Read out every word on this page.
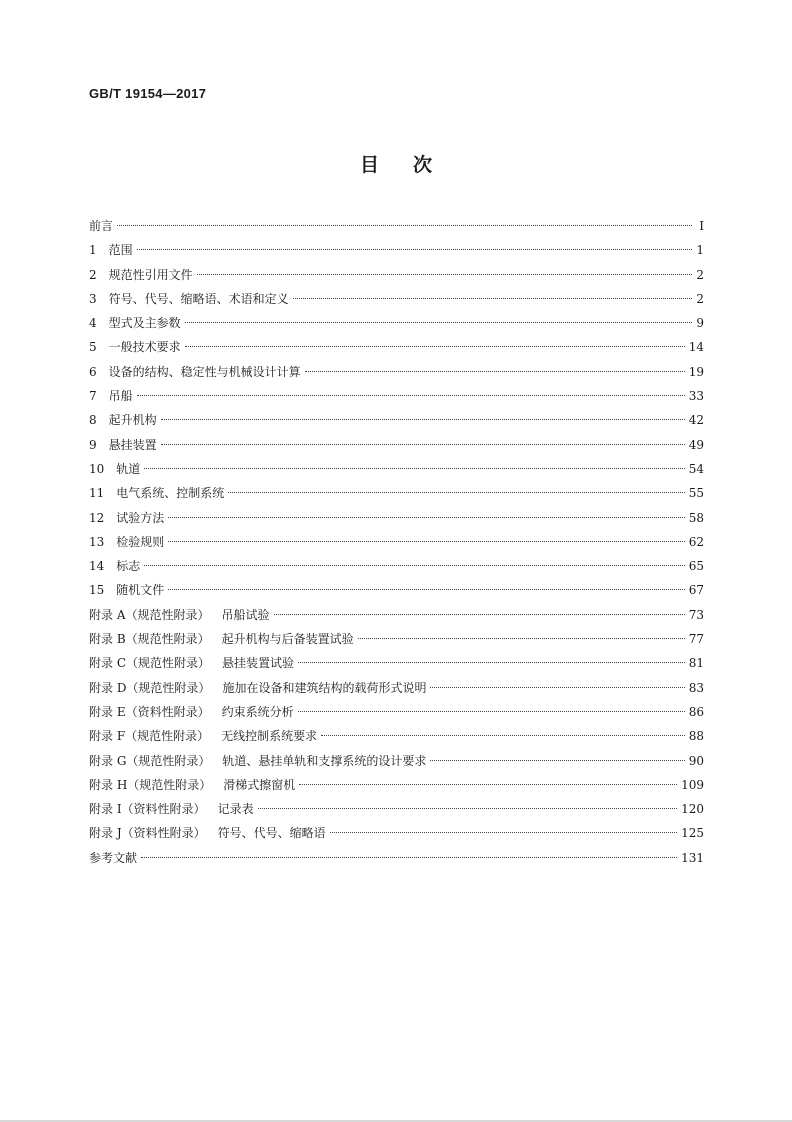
GB/T 19154—2017
目次
前言	Ⅰ
1 范围	1
2 规范性引用文件	2
3 符号、代号、缩略语、术语和定义	2
4 型式及主参数	9
5 一般技术要求	14
6 设备的结构、稳定性与机械设计计算	19
7 吊船	33
8 起升机构	42
9 悬挂装置	49
10 轨道	54
11 电气系统、控制系统	55
12 试验方法	58
13 检验规则	62
14 标志	65
15 随机文件	67
附录 A（规范性附录） 吊船试验	73
附录 B（规范性附录） 起升机构与后备装置试验	77
附录 C（规范性附录） 悬挂装置试验	81
附录 D（规范性附录） 施加在设备和建筑结构的载荷形式说明	83
附录 E（资料性附录） 约束系统分析	86
附录 F（规范性附录） 无线控制系统要求	88
附录 G（规范性附录） 轨道、悬挂单轨和支撑系统的设计要求	90
附录 H（规范性附录） 滑梯式擦窗机	109
附录 I（资料性附录） 记录表	120
附录 J（资料性附录） 符号、代号、缩略语	125
参考文献	131
